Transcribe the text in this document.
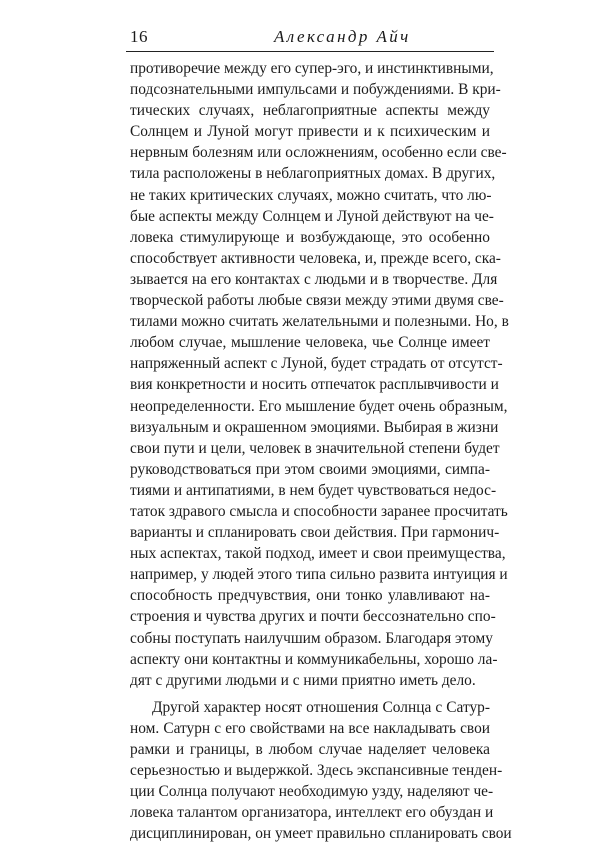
16	Александр Айч

противоречие между его супер-эго, и инстинктивными,
подсознательными импульсами и побуждениями. В кри-
тических случаях, неблагоприятные аспекты между
Солнцем и Луной могут привести и к психическим и
нервным болезням или осложнениям, особенно если све-
тила расположены в неблагоприятных домах. В других,
не таких критических случаях, можно считать, что лю-
бые аспекты между Солнцем и Луной действуют на че-
ловека стимулирующе и возбуждающе, это особенно
способствует активности человека, и, прежде всего, ска-
зывается на его контактах с людьми и в творчестве. Для
творческой работы любые связи между этими двумя све-
тилами можно считать желательными и полезными. Но, в
любом случае, мышление человека, чье Солнце имеет
напряженный аспект с Луной, будет страдать от отсутст-
вия конкретности и носить отпечаток расплывчивости и
неопределенности. Его мышление будет очень образным,
визуальным и окрашенном эмоциями. Выбирая в жизни
свои пути и цели, человек в значительной степени будет
руководствоваться при этом своими эмоциями, симпа-
тиями и антипатиями, в нем будет чувствоваться недос-
таток здравого смысла и способности заранее просчитать
варианты и спланировать свои действия. При гармонич-
ных аспектах, такой подход, имеет и свои преимущества,
например, у людей этого типа сильно развита интуиция и
способность предчувствия, они тонко улавливают на-
строения и чувства других и почти бессознательно спо-
собны поступать наилучшим образом. Благодаря этому
аспекту они контактны и коммуникабельны, хорошо ла-
дят с другими людьми и с ними приятно иметь дело.

Другой характер носят отношения Солнца с Сатур-
ном. Сатурн с его свойствами на все накладывать свои
рамки и границы, в любом случае наделяет человека
серьезностью и выдержкой. Здесь экспансивные тенден-
ции Солнца получают необходимую узду, наделяют че-
ловека талантом организатора, интеллект его обуздан и
дисциплинирован, он умеет правильно спланировать свои
